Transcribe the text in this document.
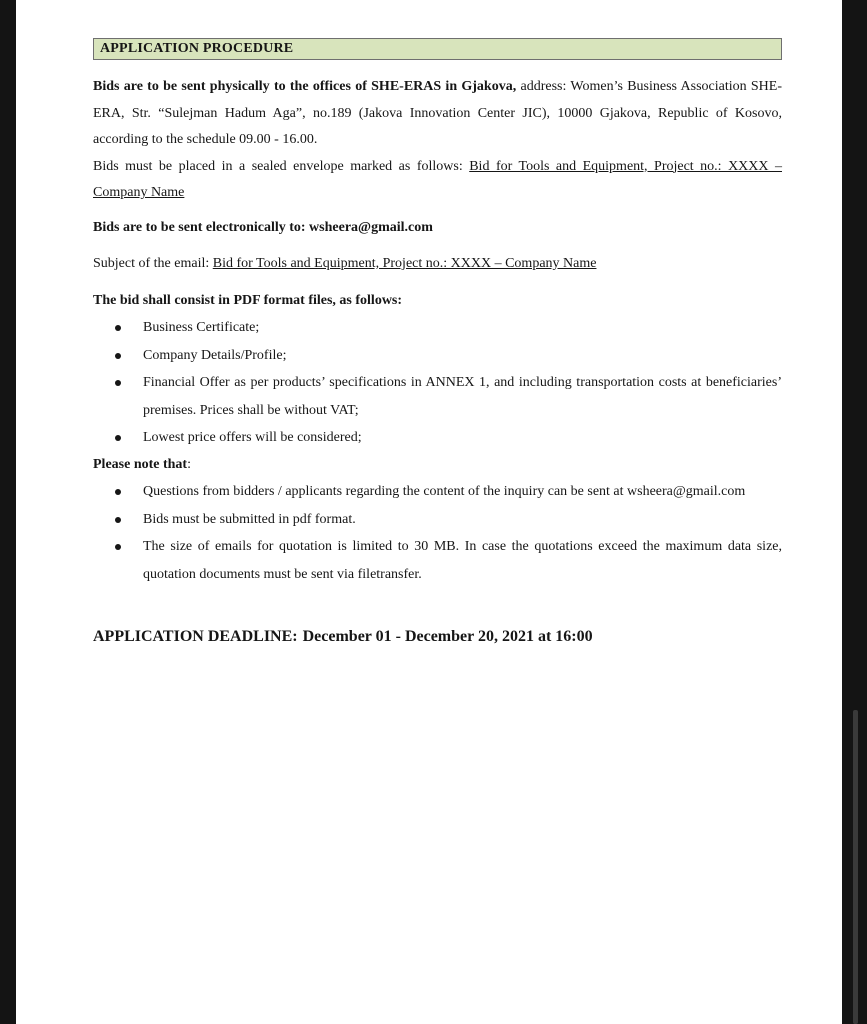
APPLICATION PROCEDURE

Bids are to be sent physically to the offices of SHE-ERAS in Gjakova, address: Women’s Business Association SHE-ERA, Str. “Sulejman Hadum Aga”, no.189 (Jakova Innovation Center JIC), 10000 Gjakova, Republic of Kosovo, according to the schedule 09.00 - 16.00.

Bids must be placed in a sealed envelope marked as follows: Bid for Tools and Equipment, Project no.: XXXX – Company Name

Bids are to be sent electronically to: wsheera@gmail.com

Subject of the email: Bid for Tools and Equipment, Project no.: XXXX – Company Name

The bid shall consist in PDF format files, as follows:

Business Certificate;
Company Details/Profile;
Financial Offer as per products’ specifications in ANNEX 1, and including transportation costs at beneficiaries’ premises. Prices shall be without VAT;
Lowest price offers will be considered;

Please note that:

Questions from bidders / applicants regarding the content of the inquiry can be sent at wsheera@gmail.com
Bids must be submitted in pdf format.
The size of emails for quotation is limited to 30 MB. In case the quotations exceed the maximum data size, quotation documents must be sent via filetransfer.
APPLICATION DEADLINE: December 01 - December 20, 2021 at 16:00
